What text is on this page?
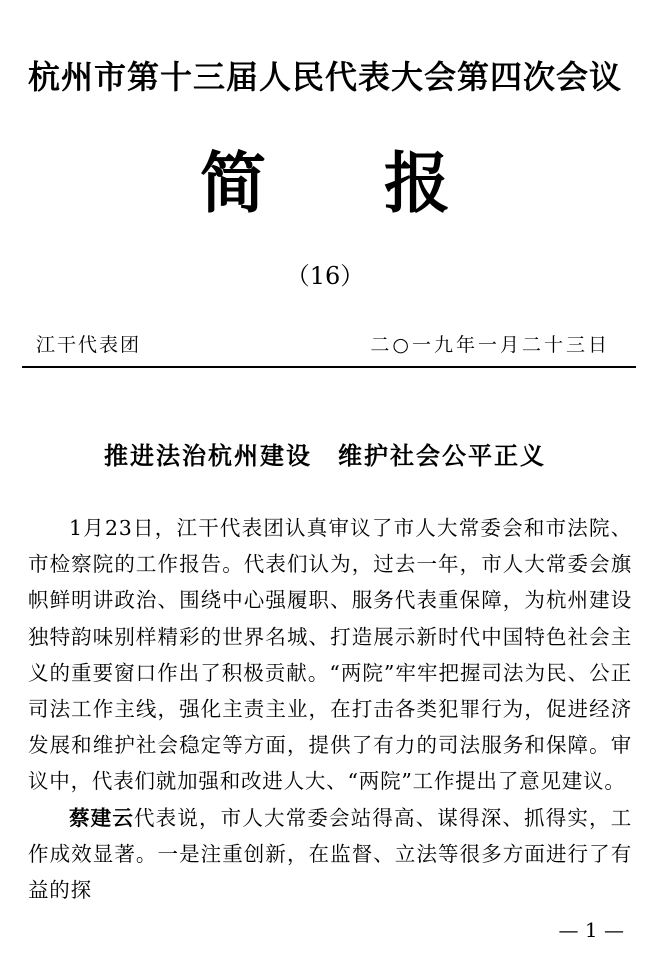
杭州市第十三届人民代表大会第四次会议
简报
（16）
江干代表团	二○一九年一月二十三日
推进法治杭州建设　维护社会公平正义

1月23日，江干代表团认真审议了市人大常委会和市法院、市检察院的工作报告。代表们认为，过去一年，市人大常委会旗帜鲜明讲政治、围绕中心强履职、服务代表重保障，为杭州建设独特韵味别样精彩的世界名城、打造展示新时代中国特色社会主义的重要窗口作出了积极贡献。“两院”牢牢把握司法为民、公正司法工作主线，强化主责主业，在打击各类犯罪行为，促进经济发展和维护社会稳定等方面，提供了有力的司法服务和保障。审议中，代表们就加强和改进人大、“两院”工作提出了意见建议。

蔡建云代表说，市人大常委会站得高、谋得深、抓得实，工作成效显著。一是注重创新，在监督、立法等很多方面进行了有益的探

— 1 —
